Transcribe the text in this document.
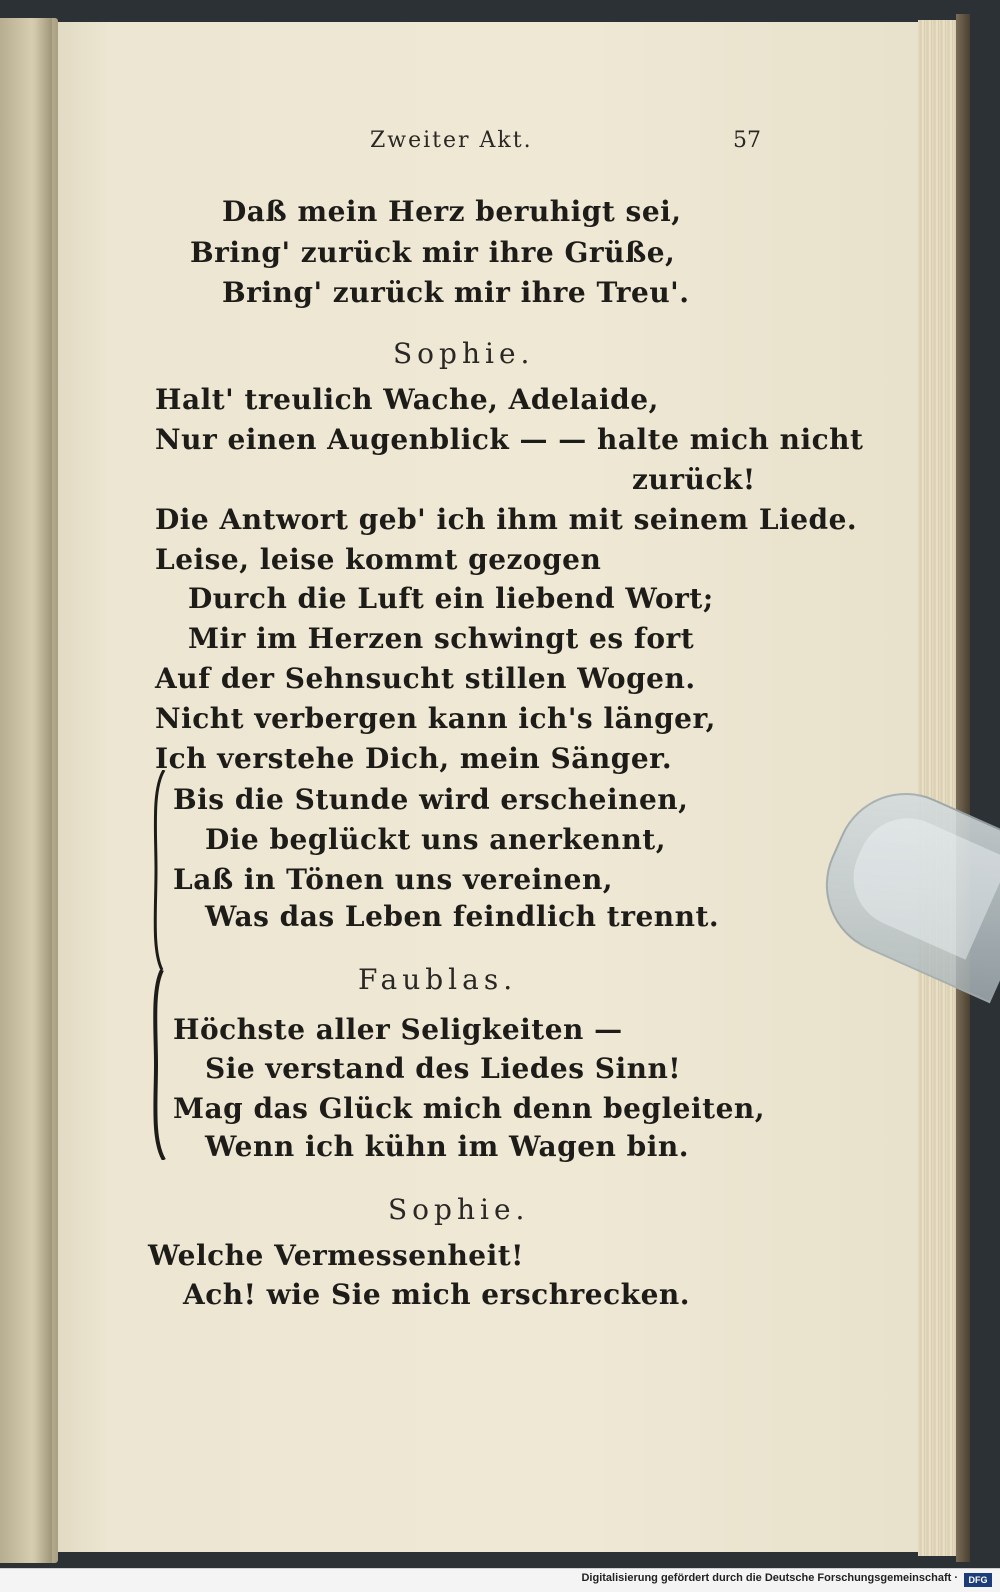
Zweiter Akt.	57
Daß mein Herz beruhigt sei,
Bring' zurück mir ihre Grüße,
Bring' zurück mir ihre Treu'.
Sophie.
Halt' treulich Wache, Adelaide,
Nur einen Augenblick — — halte mich nicht
zurück!
Die Antwort geb' ich ihm mit seinem Liede.
Leise, leise kommt gezogen
Durch die Luft ein liebend Wort;
Mir im Herzen schwingt es fort
Auf der Sehnsucht stillen Wogen.
Nicht verbergen kann ich's länger,
Ich verstehe Dich, mein Sänger.
Bis die Stunde wird erscheinen,
Die beglückt uns anerkennt,
Laß in Tönen uns vereinen,
Was das Leben feindlich trennt.
Faublas.
Höchste aller Seligkeiten —
Sie verstand des Liedes Sinn!
Mag das Glück mich denn begleiten,
Wenn ich kühn im Wagen bin.
Sophie.
Welche Vermessenheit!
Ach! wie Sie mich erschrecken.
Digitalisierung gefördert durch die Deutsche Forschungsgemeinschaft ·	DFG
